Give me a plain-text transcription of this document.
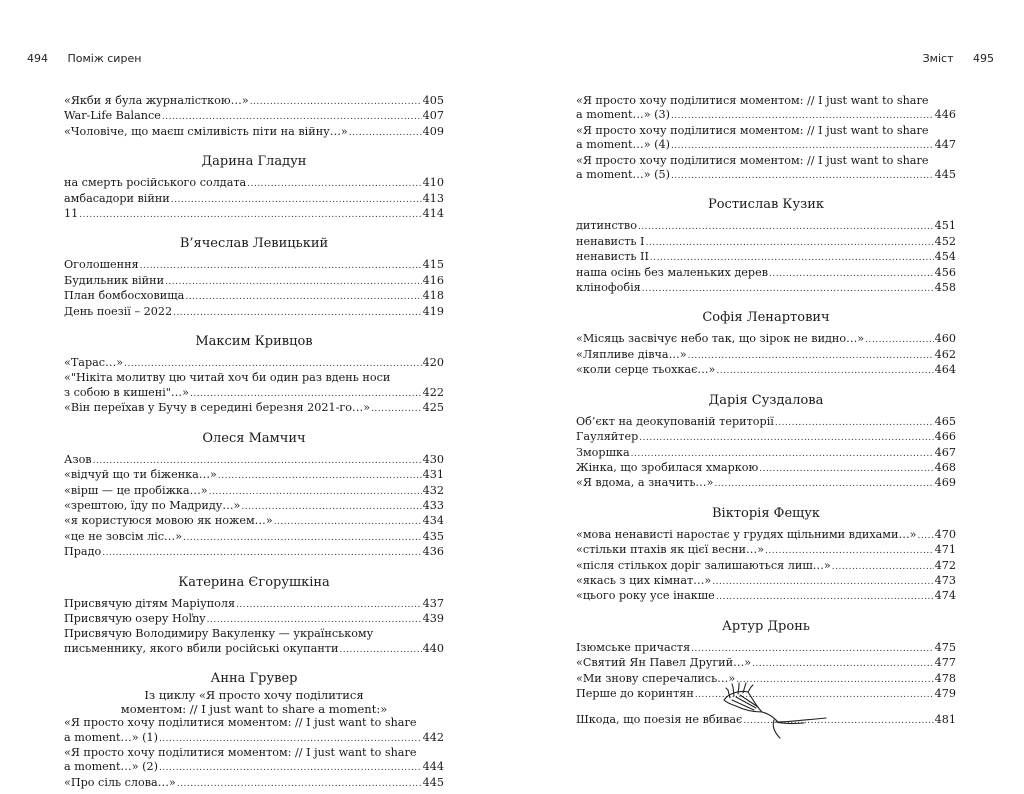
494 Поміж сирен	Зміст 495
«Якби я була журналісткою…» .....	405
War-Life Balance .....	407
«Чоловіче, що маєш сміливість піти на війну…» .....	409
Дарина Гладун
на смерть російського солдата .....	410
амбасадори війни .....	413
11 .....	414
В’ячеслав Левицький
Оголошення .....	415
Будильник війни .....	416
План бомбосховища .....	418
День поезії – 2022 .....	419
Максим Кривцов
«Тарас…» .....	420
«"Нікіта молитву цю читай хоч би один раз вдень носи
з собою в кишені"…» .....	422
«Він переїхав у Бучу в середині березня 2021-го…» .....	425
Олеся Мамчич
Азов .....	430
«відчуй що ти біженка…» .....	431
«вірш — це пробіжка…» .....	432
«зрештою, їду по Мадриду…» .....	433
«я користуюся мовою як ножем…» .....	434
«це не зовсім ліс…» .....	435
Прадо .....	436
Катерина Єгорушкіна
Присвячую дітям Маріуполя .....	437
Присвячую озеру Hoľny .....	439
Присвячую Володимиру Вакуленку — українському
письменнику, якого вбили російські окупанти .....	440
Анна Грувер
Із циклу «Я просто хочу поділитися
моментом: // I just want to share a moment:»
«Я просто хочу поділитися моментом: // I just want to share
a moment…» (1) .....	442
«Я просто хочу поділитися моментом: // I just want to share
a moment…» (2) .....	444
«Про сіль слова…» .....	445
«Я просто хочу поділитися моментом: // I just want to share
a moment…» (3) .....	446
«Я просто хочу поділитися моментом: // I just want to share
a moment…» (4) .....	447
«Я просто хочу поділитися моментом: // I just want to share
a moment…» (5) .....	445
Ростислав Кузик
дитинство .....	451
ненависть І .....	452
ненависть ІІ .....	454
наша осінь без маленьких дерев .....	456
клінофобія .....	458
Софія Ленартович
«Місяць засвічує небо так, що зірок не видно…» .....	460
«Ляпливе дівча…» .....	462
«коли серце тьохкає…» .....	464
Дарія Суздалова
Об’єкт на деокупованій території .....	465
Гауляйтер .....	466
Зморшка .....	467
Жінка, що зробилася хмаркою .....	468
«Я вдома, а значить…» .....	469
Вікторія Фещук
«мова ненависті наростає у грудях щільними вдихами…» ..... 470
«стільки птахів як цієї весни…» .....	471
«після стількох доріг залишаються лиш…» .....	472
«якась з цих кімнат…» .....	473
«цього року усе інакше .....	474
Артур Дронь
Ізюмське причастя .....	475
«Святий Ян Павел Другий…» .....	477
«Ми знову сперечались…» .....	478
Перше до коринтян .....	479
Шкода, що поезія не вбиває .....	481
